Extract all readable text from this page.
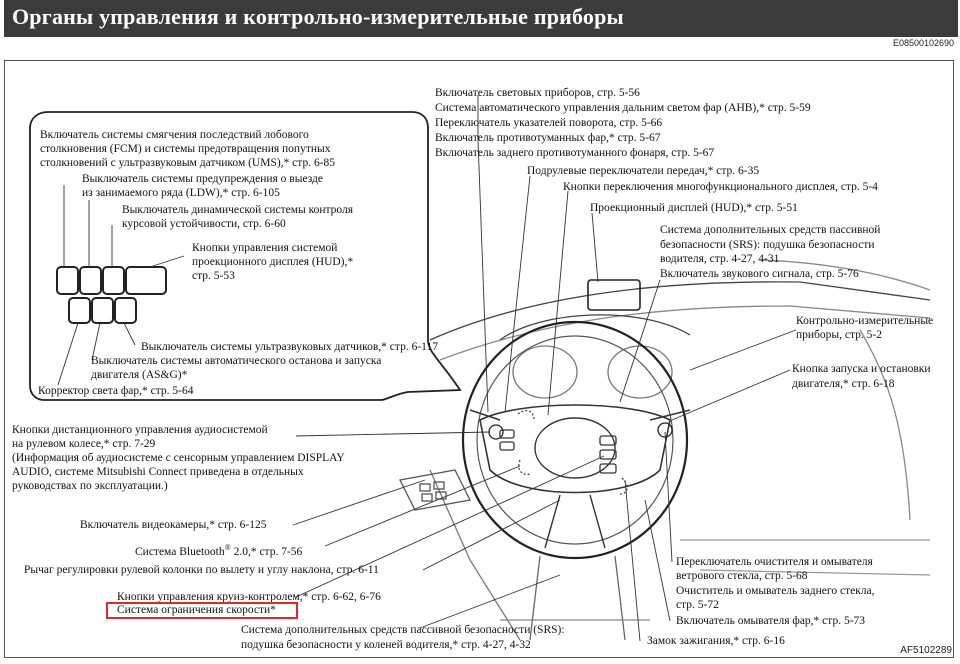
Органы управления и контрольно-измерительные приборы
E08500102690
Включатель световых приборов, стр. 5-56
Система автоматического управления дальним светом фар (AHB),* стр. 5-59
Переключатель указателей поворота, стр. 5-66
Включатель противотуманных фар,* стр. 5-67
Включатель заднего противотуманного фонаря, стр. 5-67
Подрулевые переключатели передач,* стр. 6-35
Кнопки переключения многофункционального дисплея, стр. 5-4
Проекционный дисплей (HUD),* стр. 5-51
Система дополнительных средств пассивной
безопасности (SRS): подушка безопасности
водителя, стр. 4-27, 4-31
Включатель звукового сигнала, стр. 5-76
Контрольно-измерительные
приборы, стр. 5-2
Кнопка запуска и остановки
двигателя,* стр. 6-18
Включатель системы смягчения последствий лобового
столкновения (FCM) и системы предотвращения попутных
столкновений с ультразвуковым датчиком (UMS),* стр. 6-85
Выключатель системы предупреждения о выезде
из занимаемого ряда (LDW),* стр. 6-105
Выключатель динамической системы контроля
курсовой устойчивости, стр. 6-60
Кнопки управления системой
проекционного дисплея (HUD),*
стр. 5-53
Выключатель системы ультразвуковых датчиков,* стр. 6-117
Выключатель системы автоматического останова и запуска
двигателя (AS&G)*
Корректор света фар,* стр. 5-64
Кнопки дистанционного управления аудиосистемой
на рулевом колесе,* стр. 7-29
(Информация об аудиосистеме с сенсорным управлением DISPLAY
AUDIO, системе Mitsubishi Connect приведена в отдельных
руководствах по эксплуатации.)
Включатель видеокамеры,* стр. 6-125
Система Bluetooth® 2.0,* стр. 7-56
Рычаг регулировки рулевой колонки по вылету и углу наклона, стр. 6-11
Кнопки управления круиз-контролем,* стр. 6-62, 6-76
Система ограничения скорости*
Система дополнительных средств пассивной безопасности (SRS):
подушка безопасности у коленей водителя,* стр. 4-27, 4-32
Переключатель очистителя и омывателя
ветрового стекла, стр. 5-68
Очиститель и омыватель заднего стекла,
стр. 5-72
Включатель омывателя фар,* стр. 5-73
Замок зажигания,* стр. 6-16
AF5102289
